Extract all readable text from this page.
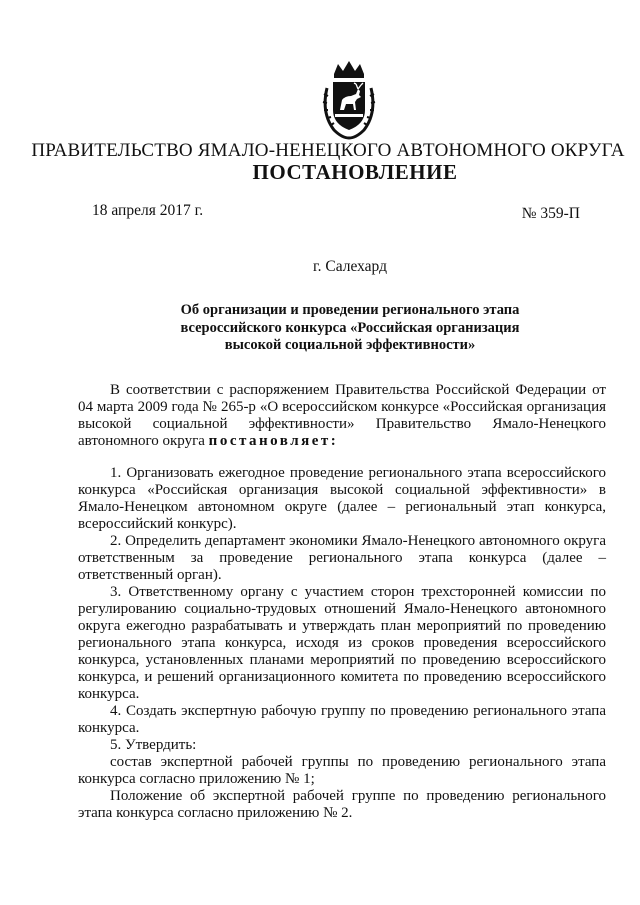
ПРАВИТЕЛЬСТВО ЯМАЛО-НЕНЕЦКОГО АВТОНОМНОГО ОКРУГА
ПОСТАНОВЛЕНИЕ
18 апреля 2017 г.	№ 359-П
г. Салехард
Об организации и проведении регионального этапа
всероссийского конкурса «Российская организация
высокой социальной эффективности»

В соответствии с распоряжением Правительства Российской Федерации от 04 марта 2009 года № 265-р «О всероссийском конкурсе «Российская организация высокой социальной эффективности» Правительство Ямало-Ненецкого автономного округа постановляет:

1. Организовать ежегодное проведение регионального этапа всероссийского конкурса «Российская организация высокой социальной эффективности» в Ямало-Ненецком автономном округе (далее – региональный этап конкурса, всероссийский конкурс).

2. Определить департамент экономики Ямало-Ненецкого автономного округа ответственным за проведение регионального этапа конкурса (далее – ответственный орган).

3. Ответственному органу с участием сторон трехсторонней комиссии по регулированию социально-трудовых отношений Ямало-Ненецкого автономного округа ежегодно разрабатывать и утверждать план мероприятий по проведению регионального этапа конкурса, исходя из сроков проведения всероссийского конкурса, установленных планами мероприятий по проведению всероссийского конкурса, и решений организационного комитета по проведению всероссийского конкурса.

4. Создать экспертную рабочую группу по проведению регионального этапа конкурса.

5. Утвердить:

состав экспертной рабочей группы по проведению регионального этапа конкурса согласно приложению № 1;

Положение об экспертной рабочей группе по проведению регионального этапа конкурса согласно приложению № 2.
